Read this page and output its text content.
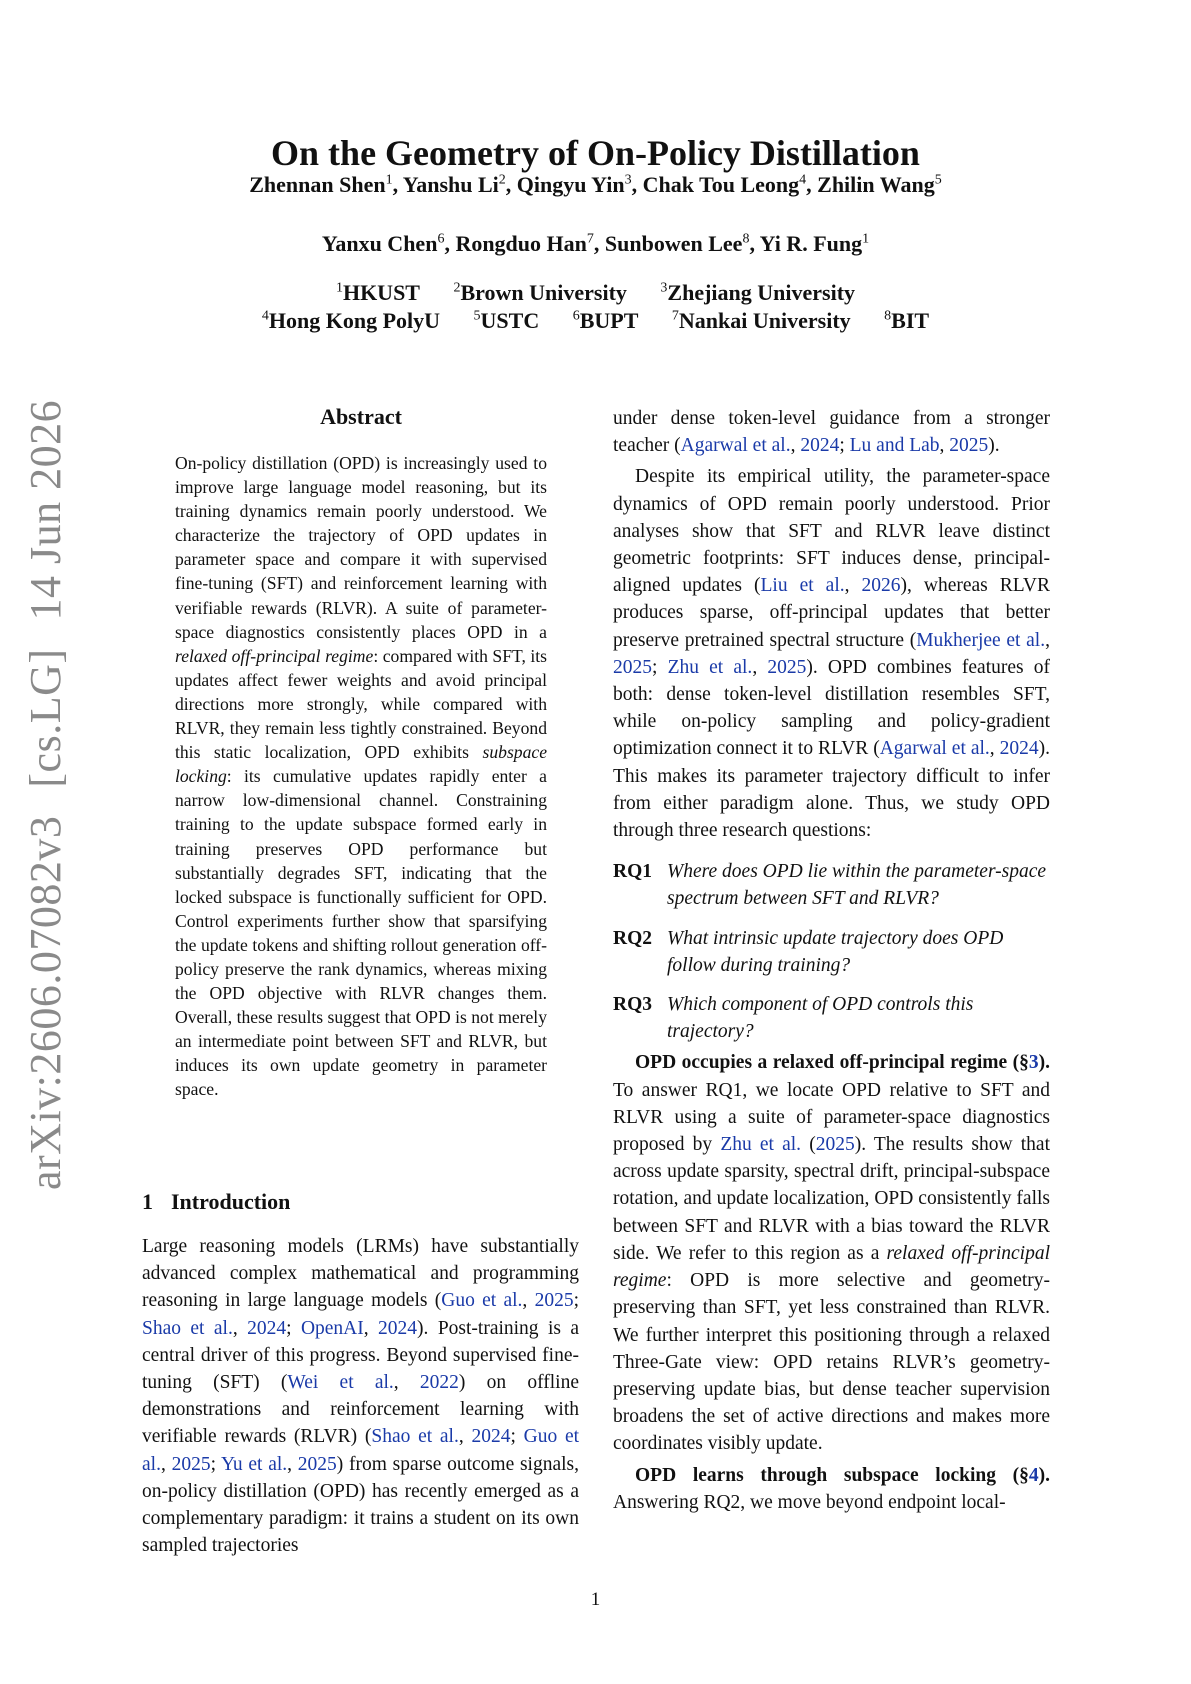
arXiv:2606.07082v3[cs.LG]14 Jun 2026
On the Geometry of On-Policy Distillation
Zhennan Shen$^1$, Yanshu Li$^2$, Qingyu Yin$^3$, Chak Tou Leong$^4$, Zhilin Wang$^5$
Yanxu Chen$^6$, Rongduo Han$^7$, Sunbowen Lee$^8$, Yi R. Fung$^1$
$^1$HKUST $^2$Brown University $^3$Zhejiang University
$^4$Hong Kong PolyU $^5$USTC $^6$BUPT $^7$Nankai University $^8$BIT
Abstract
On-policy distillation (OPD) is increasingly used to improve large language model reasoning, but its training dynamics remain poorly understood. We characterize the trajectory of OPD updates in parameter space and compare it with supervised fine-tuning (SFT) and reinforcement learning with verifiable rewards (RLVR). A suite of parameter-space diagnostics consistently places OPD in a relaxed off-principal regime: compared with SFT, its updates affect fewer weights and avoid principal directions more strongly, while compared with RLVR, they remain less tightly constrained. Beyond this static localization, OPD exhibits subspace locking: its cumulative updates rapidly enter a narrow low-dimensional channel. Constraining training to the update subspace formed early in training preserves OPD performance but substantially degrades SFT, indicating that the locked subspace is functionally sufficient for OPD. Control experiments further show that sparsifying the update tokens and shifting rollout generation off-policy preserve the rank dynamics, whereas mixing the OPD objective with RLVR changes them. Overall, these results suggest that OPD is not merely an intermediate point between SFT and RLVR, but induces its own update geometry in parameter space.
1 Introduction

Large reasoning models (LRMs) have substantially advanced complex mathematical and programming reasoning in large language models (Guo et al., 2025; Shao et al., 2024; OpenAI, 2024). Post-training is a central driver of this progress. Beyond supervised fine-tuning (SFT) (Wei et al., 2022) on offline demonstrations and reinforcement learning with verifiable rewards (RLVR) (Shao et al., 2024; Guo et al., 2025; Yu et al., 2025) from sparse outcome signals, on-policy distillation (OPD) has recently emerged as a complementary paradigm: it trains a student on its own sampled trajectories

under dense token-level guidance from a stronger teacher (Agarwal et al., 2024; Lu and Lab, 2025).

Despite its empirical utility, the parameter-space dynamics of OPD remain poorly understood. Prior analyses show that SFT and RLVR leave distinct geometric footprints: SFT induces dense, principal-aligned updates (Liu et al., 2026), whereas RLVR produces sparse, off-principal updates that better preserve pretrained spectral structure (Mukherjee et al., 2025; Zhu et al., 2025). OPD combines features of both: dense token-level distillation resembles SFT, while on-policy sampling and policy-gradient optimization connect it to RLVR (Agarwal et al., 2024). This makes its parameter trajectory difficult to infer from either paradigm alone. Thus, we study OPD through three research questions:

RQ1 Where does OPD lie within the parameter-space spectrum between SFT and RLVR?
RQ2 What intrinsic update trajectory does OPD follow during training?
RQ3 Which component of OPD controls this trajectory?

OPD occupies a relaxed off-principal regime (§3). To answer RQ1, we locate OPD relative to SFT and RLVR using a suite of parameter-space diagnostics proposed by Zhu et al. (2025). The results show that across update sparsity, spectral drift, principal-subspace rotation, and update localization, OPD consistently falls between SFT and RLVR with a bias toward the RLVR side. We refer to this region as a relaxed off-principal regime: OPD is more selective and geometry-preserving than SFT, yet less constrained than RLVR. We further interpret this positioning through a relaxed Three-Gate view: OPD retains RLVR’s geometry-preserving update bias, but dense teacher supervision broadens the set of active directions and makes more coordinates visibly update.

OPD learns through subspace locking (§4). Answering RQ2, we move beyond endpoint local-

1
